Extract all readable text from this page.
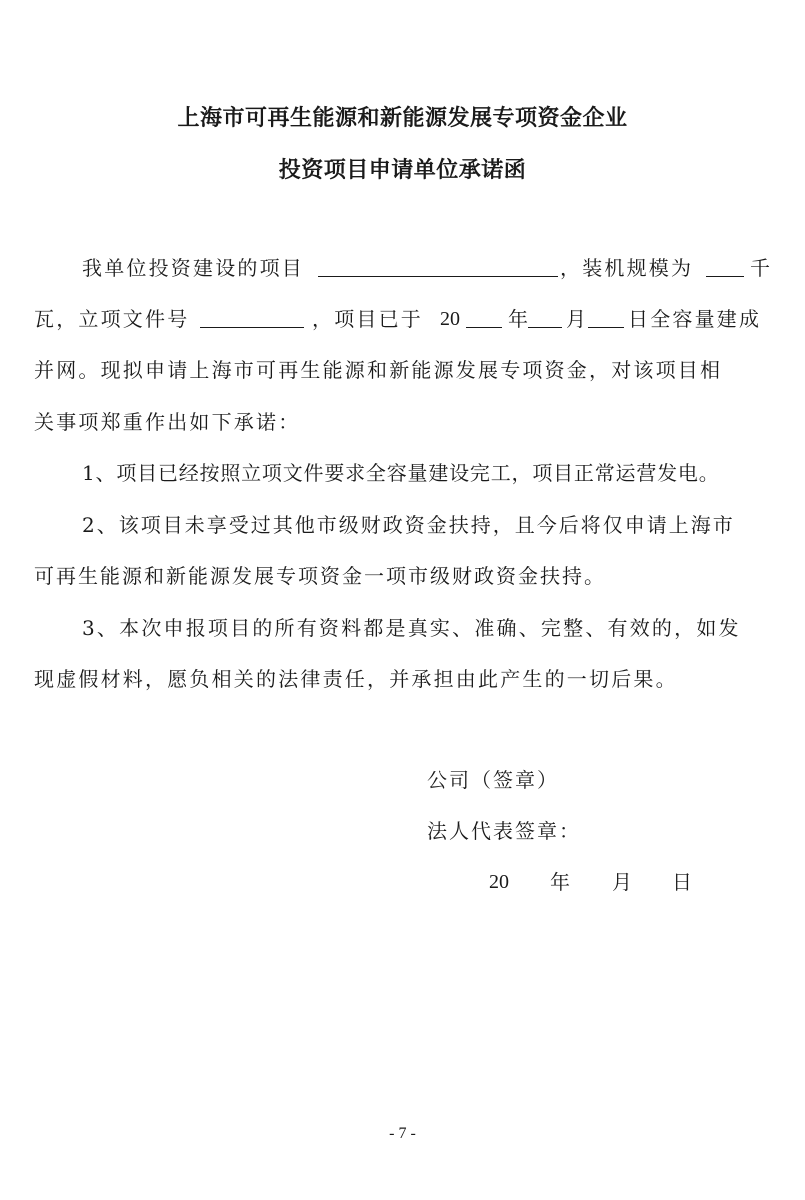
上海市可再生能源和新能源发展专项资金企业
投资项目申请单位承诺函
我单位投资建设的项目	，装机规模为	千
瓦，立项文件号	，项目已于 20 年 月 日全容量建成
并网。现拟申请上海市可再生能源和新能源发展专项资金，对该项目相
关事项郑重作出如下承诺：
1、项目已经按照立项文件要求全容量建设完工，项目正常运营发电。
2、该项目未享受过其他市级财政资金扶持，且今后将仅申请上海市
可再生能源和新能源发展专项资金一项市级财政资金扶持。
3、本次申报项目的所有资料都是真实、准确、完整、有效的，如发
现虚假材料，愿负相关的法律责任，并承担由此产生的一切后果。
公司（签章）
法人代表签章：
20 年 月 日
- 7 -
